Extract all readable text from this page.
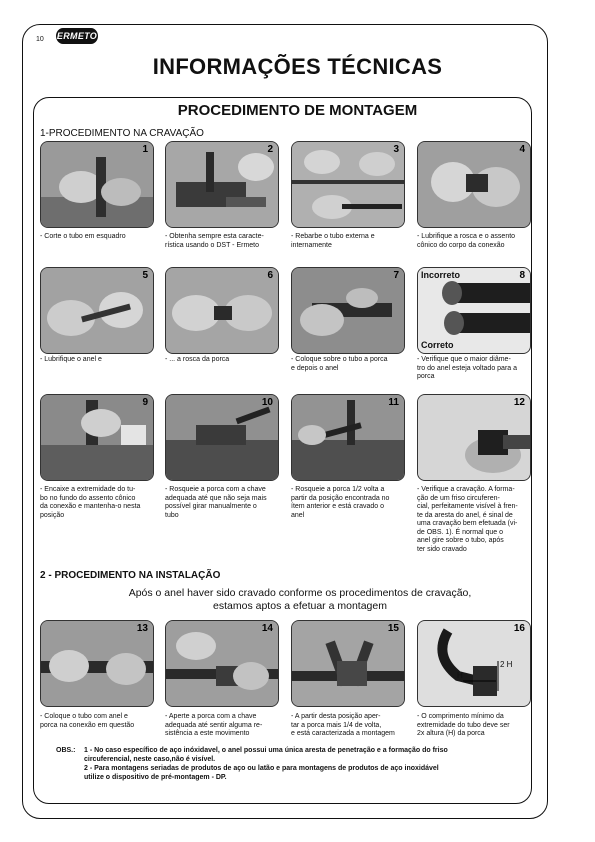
10 ERMETO
INFORMAÇÕES TÉCNICAS
PROCEDIMENTO DE MONTAGEM
1-PROCEDIMENTO NA CRAVAÇÃO
2 - PROCEDIMENTO NA INSTALAÇÃO
Após o anel haver sido cravado conforme os procedimentos de cravação,
estamos aptos a efetuar a montagem
1
- Corte o tubo em esquadro
2
- Obtenha sempre esta caracte-
rística usando o DST - Ermeto
3
- Rebarbe o tubo externa e
internamente
4
- Lubrifique a rosca e o assento
cônico do corpo da conexão
5
- Lubrifique o anel e
6
- ... a rosca da porca
7
- Coloque sobre o tubo a porca
e depois o anel
8
Incorreto
Correto
- Verifique que o maior diâme-
tro do anel esteja voltado para a
porca
9
- Encaixe a extremidade do tu-
bo no fundo do assento cônico
da conexão e mantenha-o nesta
posição
10
- Rosqueie a porca com a chave
adequada até que não seja mais
possível girar manualmente o
tubo
11
- Rosqueie a porca 1/2 volta a
partir da posição encontrada no
ítem anterior e está cravado o
anel
12
- Verifique a cravação. A forma-
ção de um friso circuferen-
cial, perfeitamente visível à fren-
te da aresta do anel, é sinal de
uma cravação bem efetuada (vi-
de OBS. 1). É normal que o
anel gire sobre o tubo, após
ter sido cravado
13
- Coloque o tubo com anel e
porca na conexão em questão
14
- Aperte a porca com a chave
adequada até sentir alguma re-
sistência a este movimento
15
- A partir desta posição aper-
tar a porca mais 1/4 de volta,
e está caracterizada a montagem
16
H
2 H
- O comprimento mínimo da
extremidade do tubo deve ser
2x altura (H) da porca
OBS.: 1 - No caso específico de aço inóxidavel, o anel possui uma única aresta de penetração e a formação do friso
circuferencial, neste caso,não é visível.
2 - Para montagens seriadas de produtos de aço ou latão e para montagens de produtos de aço inoxidável
utilize o dispositivo de pré-montagem - DP.
